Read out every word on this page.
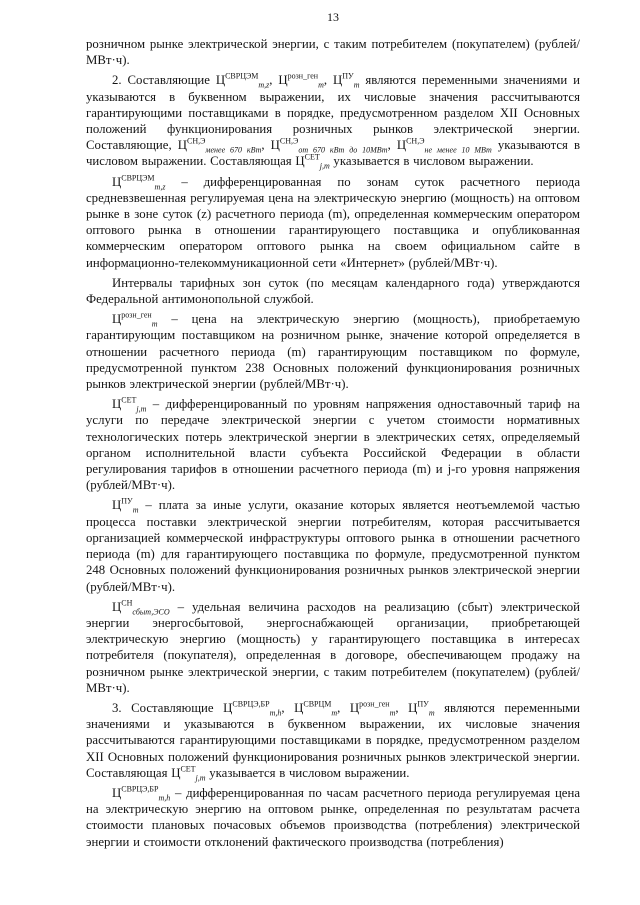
13

розничном рынке электрической энергии, с таким потребителем (покупателем) (рублей/МВт·ч).

2. Составляющие $Ц^{СВРЦЭМ}_{m,z}$, $Ц^{розн\_ген}_m$, $Ц^{ПУ}_m$ являются переменными значениями и указываются в буквенном выражении, их числовые значения рассчитываются гарантирующими поставщиками в порядке, предусмотренном разделом XII Основных положений функционирования розничных рынков электрической энергии. Составляющие, $Ц^{СН,Э}_{менее 670 кВт}$, $Ц^{СН,Э}_{от 670 кВт до 10МВт}$, $Ц^{СН,Э}_{не менее 10 МВт}$ указываются в числовом выражении. Составляющая $Ц^{СЕТ}_{j,m}$ указывается в числовом выражении.

$Ц^{СВРЦЭМ}_{m,z}$ – дифференцированная по зонам суток расчетного периода средневзвешенная регулируемая цена на электрическую энергию (мощность) на оптовом рынке в зоне суток (z) расчетного периода (m), определенная коммерческим оператором оптового рынка в отношении гарантирующего поставщика и опубликованная коммерческим оператором оптового рынка на своем официальном сайте в информационно-телекоммуникационной сети «Интернет» (рублей/МВт·ч).

Интервалы тарифных зон суток (по месяцам календарного года) утверждаются Федеральной антимонопольной службой.

$Ц^{розн\_ген}_m$ – цена на электрическую энергию (мощность), приобретаемую гарантирующим поставщиком на розничном рынке, значение которой определяется в отношении расчетного периода (m) гарантирующим поставщиком по формуле, предусмотренной пунктом 238 Основных положений функционирования розничных рынков электрической энергии (рублей/МВт·ч).

$Ц^{СЕТ}_{j,m}$ – дифференцированный по уровням напряжения одноставочный тариф на услуги по передаче электрической энергии с учетом стоимости нормативных технологических потерь электрической энергии в электрических сетях, определяемый органом исполнительной власти субъекта Российской Федерации в области регулирования тарифов в отношении расчетного периода (m) и j-го уровня напряжения (рублей/МВт·ч).

$Ц^{ПУ}_m$ – плата за иные услуги, оказание которых является неотъемлемой частью процесса поставки электрической энергии потребителям, которая рассчитывается организацией коммерческой инфраструктуры оптового рынка в отношении расчетного периода (m) для гарантирующего поставщика по формуле, предусмотренной пунктом 248 Основных положений функционирования розничных рынков электрической энергии (рублей/МВт·ч).

$Ц^{СН}_{сбыт,ЭСО}$ – удельная величина расходов на реализацию (сбыт) электрической энергии энергосбытовой, энергоснабжающей организации, приобретающей электрическую энергию (мощность) у гарантирующего поставщика в интересах потребителя (покупателя), определенная в договоре, обеспечивающем продажу на розничном рынке электрической энергии, с таким потребителем (покупателем) (рублей/МВт·ч).

3. Составляющие $Ц^{СВРЦЭ,БР}_{m,h}$, $Ц^{СВРЦМ}_m$, $Ц^{розн\_ген}_m$, $Ц^{ПУ}_m$ являются переменными значениями и указываются в буквенном выражении, их числовые значения рассчитываются гарантирующими поставщиками в порядке, предусмотренном разделом XII Основных положений функционирования розничных рынков электрической энергии. Составляющая $Ц^{СЕТ}_{j,m}$ указывается в числовом выражении.

$Ц^{СВРЦЭ,БР}_{m,h}$ – дифференцированная по часам расчетного периода регулируемая цена на электрическую энергию на оптовом рынке, определенная по результатам расчета стоимости плановых почасовых объемов производства (потребления) электрической энергии и стоимости отклонений фактического производства (потребления)
